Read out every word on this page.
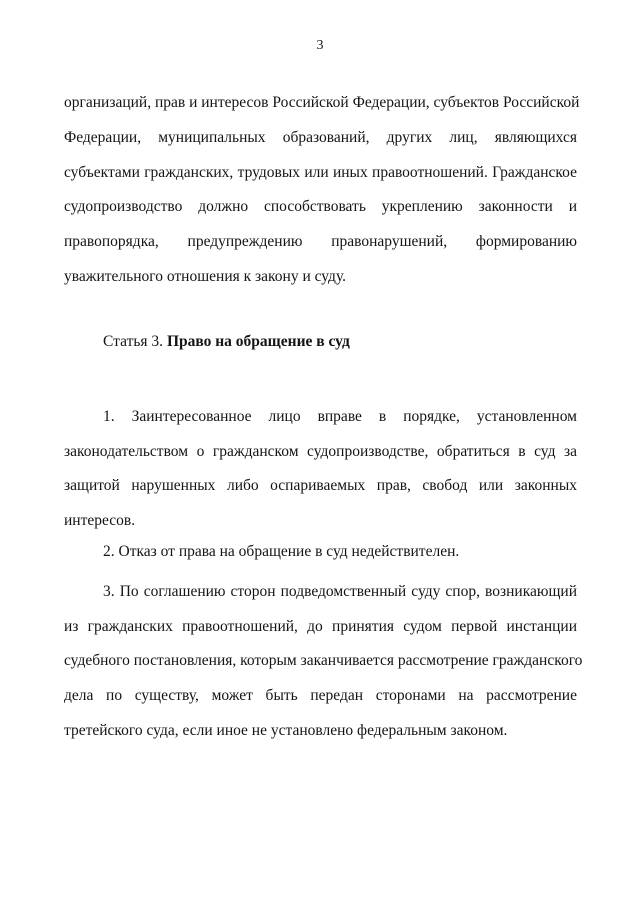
3

организаций, прав и интересов Российской Федерации, субъектов Российской
Федерации, муниципальных образований, других лиц, являющихся
субъектами гражданских, трудовых или иных правоотношений. Гражданское
судопроизводство должно способствовать укреплению законности и
правопорядка, предупреждению правонарушений, формированию
уважительного отношения к закону и суду.

Статья 3. Право на обращение в суд

1. Заинтересованное лицо вправе в порядке, установленном
законодательством о гражданском судопроизводстве, обратиться в суд за
защитой нарушенных либо оспариваемых прав, свобод или законных
интересов.

2. Отказ от права на обращение в суд недействителен.

3. По соглашению сторон подведомственный суду спор, возникающий
из гражданских правоотношений, до принятия судом первой инстанции
судебного постановления, которым заканчивается рассмотрение гражданского
дела по существу, может быть передан сторонами на рассмотрение
третейского суда, если иное не установлено федеральным законом.
